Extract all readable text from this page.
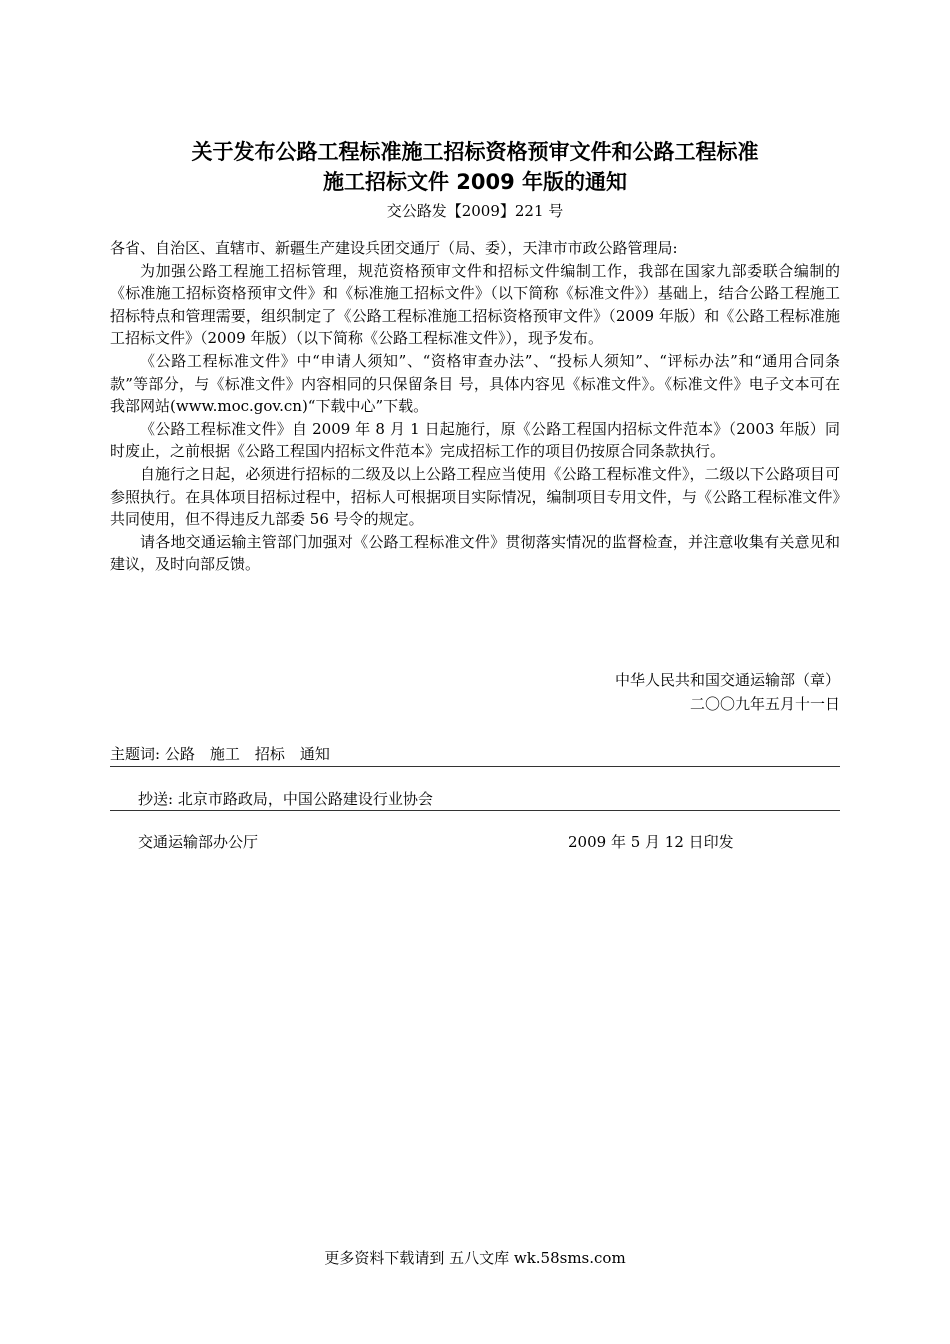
关于发布公路工程标准施工招标资格预审文件和公路工程标准
施工招标文件 2009 年版的通知
交公路发【2009】221 号

各省、自治区、直辖市、新疆生产建设兵团交通厅（局、委），天津市市政公路管理局:

为加强公路工程施工招标管理，规范资格预审文件和招标文件编制工作，我部在国家九部委联合编制的《标准施工招标资格预审文件》和《标准施工招标文件》（以下简称《标准文件》）基础上，结合公路工程施工招标特点和管理需要，组织制定了《公路工程标准施工招标资格预审文件》（2009 年版）和《公路工程标准施 工招标文件》（2009 年版）（以下简称《公路工程标准文件》），现予发布。

《公路工程标准文件》中“申请人须知”、“资格审查办法”、“投标人须知”、“评标办法”和“通用合同条款”等部分，与《标准文件》内容相同的只保留条目 号，具体内容见《标准文件》。《标准文件》电子文本可在我部网站(www.moc.gov.cn)“下载中心”下载。

《公路工程标准文件》自 2009 年 8 月 1 日起施行，原《公路工程国内招标文件范本》（2003 年版）同时废止，之前根据《公路工程国内招标文件范本》完成招标工作的项目仍按原合同条款执行。

自施行之日起，必须进行招标的二级及以上公路工程应当使用《公路工程标准文件》，二级以下公路项目可参照执行。在具体项目招标过程中，招标人可根据项目实际情况，编制项目专用文件，与《公路工程标准文件》共同使用，但不得违反九部委 56 号令的规定。

请各地交通运输主管部门加强对《公路工程标准文件》贯彻落实情况的监督检查，并注意收集有关意见和建议，及时向部反馈。

中华人民共和国交通运输部（章）
二〇〇九年五月十一日
主题词: 公路　施工　招标　通知
抄送: 北京市路政局，中国公路建设行业协会
交通运输部办公厅	2009 年 5 月 12 日印发
更多资料下载请到 五八文库 wk.58sms.com
